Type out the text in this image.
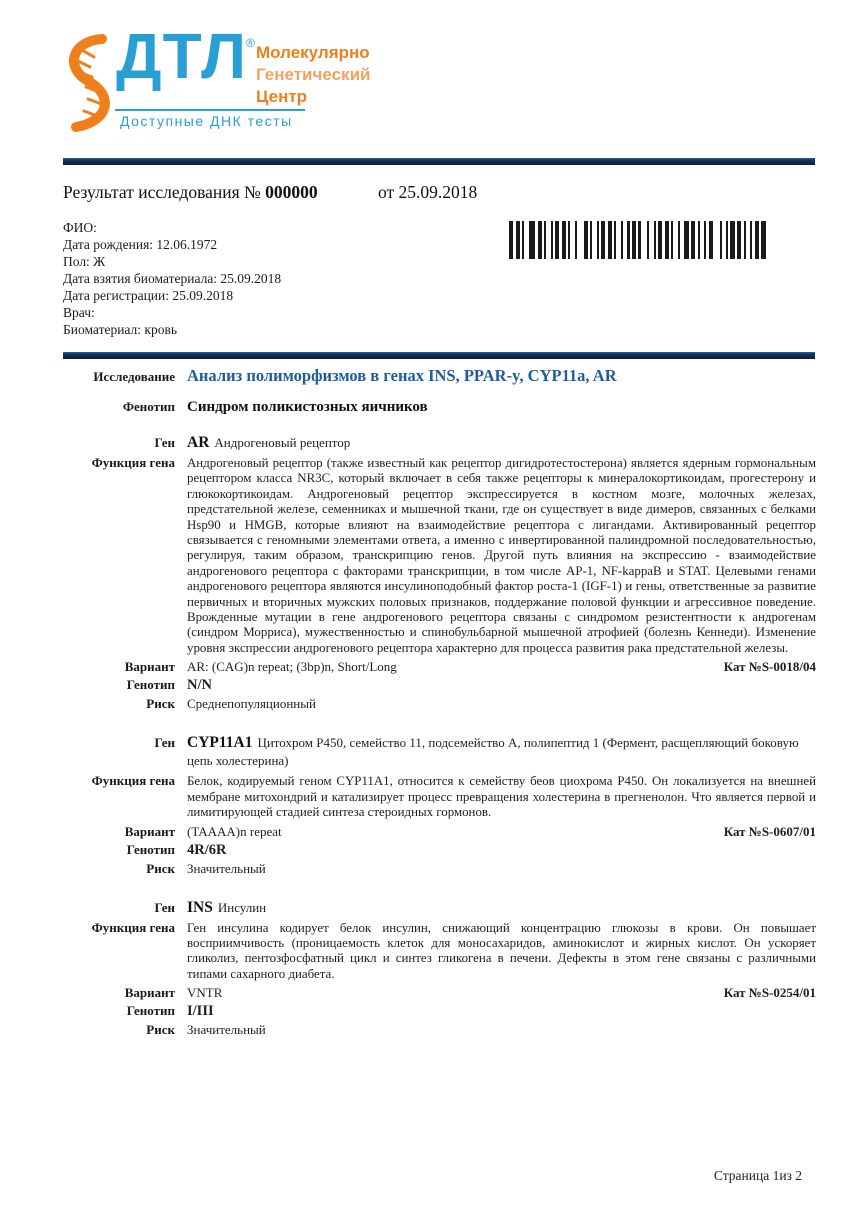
ДТЛ ® Молекулярно
Генетический
Центр
Доступные ДНК тесты
Результат исследования № 000000	от 25.09.2018
ФИО:
Дата рождения: 12.06.1972
Пол: Ж
Дата взятия биоматериала: 25.09.2018
Дата регистрации: 25.09.2018
Врач:
Биоматериал: кровь
Исследование Анализ полиморфизмов в генах INS, PPAR-y, CYP11a, AR
Фенотип Синдром поликистозных яичников
Ген AR Андрогеновый рецептор
Функция гена Андрогеновый рецептор (также известный как рецептор дигидротестостерона) является ядерным гормональным рецептором класса NR3C, который включает в себя также рецепторы к минералокортикоидам, прогестерону и глюкокортикоидам. Андрогеновый рецептор экспрессируется в костном мозге, молочных железах, предстательной железе, семенниках и мышечной ткани, где он существует в виде димеров, связанных с белками Hsp90 и HMGB, которые влияют на взаимодействие рецептора с лигандами. Активированный рецептор связывается с геномными элементами ответа, а именно с инвертированной палиндромной последовательностью, регулируя, таким образом, транскрипцию генов. Другой путь влияния на экспрессию - взаимодействие андрогенового рецептора с факторами транскрипции, в том числе AP-1, NF-kappaB и STAT. Целевыми генами андрогенового рецептора являются инсулиноподобный фактор роста-1 (IGF-1) и гены, ответственные за развитие первичных и вторичных мужских половых признаков, поддержание половой функции и агрессивное поведение. Врожденные мутации в гене андрогенового рецептора связаны с синдромом резистентности к андрогенам (синдром Морриса), мужественностью и спинобульбарной мышечной атрофией (болезнь Кеннеди). Изменение уровня экспрессии андрогенового рецептора характерно для процесса развития рака предстательной железы.
Вариант AR: (CAG)n repeat; (3bp)n, Short/Long	Кат №S-0018/04
Генотип N/N
Риск Среднепопуляционный
Ген CYP11A1 Цитохром P450, семейство 11, подсемейство A, полипептид 1 (Фермент, расщепляющий боковую цепь холестерина)
Функция гена Белок, кодируемый геном CYP11A1, относится к семейству беов циохрома P450. Он локализуется на внешней мембране митохондрий и катализирует процесс превращения холестерина в прегненолон. Что является первой и лимитирующей стадией синтеза стероидных гормонов.
Вариант (TAAAA)n repeat	Кат №S-0607/01
Генотип 4R/6R
Риск Значительный
Ген INS Инсулин
Функция гена Ген инсулина кодирует белок инсулин, снижающий концентрацию глюкозы в крови. Он повышает восприимчивость (проницаемость клеток для моносахаридов, аминокислот и жирных кислот. Он ускоряет гликолиз, пентозфосфатный цикл и синтез гликогена в печени. Дефекты в этом гене связаны с различными типами сахарного диабета.
Вариант VNTR	Кат №S-0254/01
Генотип I/III
Риск Значительный
Страница 1из 2
